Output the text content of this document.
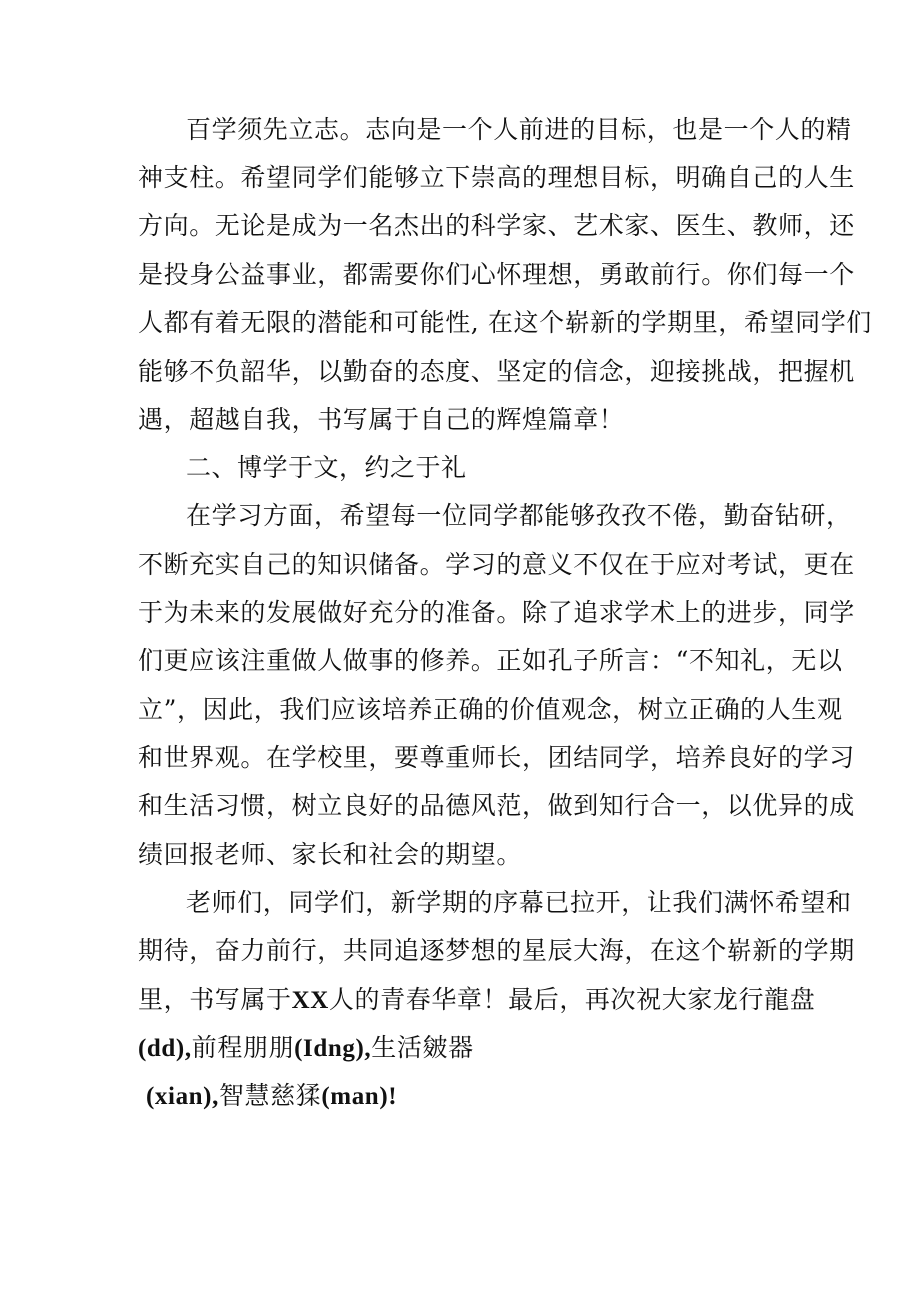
百学须先立志。志向是一个人前进的目标，也是一个人的精
神支柱。希望同学们能够立下崇高的理想目标，明确自己的人生
方向。无论是成为一名杰出的科学家、艺术家、医生、教师，还
是投身公益事业，都需要你们心怀理想，勇敢前行。你们每一个
人都有着无限的潜能和可能性, 在这个崭新的学期里，希望同学们
能够不负韶华，以勤奋的态度、坚定的信念，迎接挑战，把握机
遇，超越自我，书写属于自己的辉煌篇章！
二、博学于文，约之于礼
在学习方面，希望每一位同学都能够孜孜不倦，勤奋钻研，
不断充实自己的知识储备。学习的意义不仅在于应对考试，更在
于为未来的发展做好充分的准备。除了追求学术上的进步，同学
们更应该注重做人做事的修养。正如孔子所言：“不知礼，无以
立”，因此，我们应该培养正确的价值观念，树立正确的人生观
和世界观。在学校里，要尊重师长，团结同学，培养良好的学习
和生活习惯，树立良好的品德风范，做到知行合一，以优异的成
绩回报老师、家长和社会的期望。
老师们，同学们，新学期的序幕已拉开，让我们满怀希望和
期待，奋力前行，共同追逐梦想的星辰大海，在这个崭新的学期
里，书写属于XX人的青春华章！最后，再次祝大家龙行龍盘
(dd),前程朋朋(Idng),生活皴器
(xian),智慧慈猱(man)!
